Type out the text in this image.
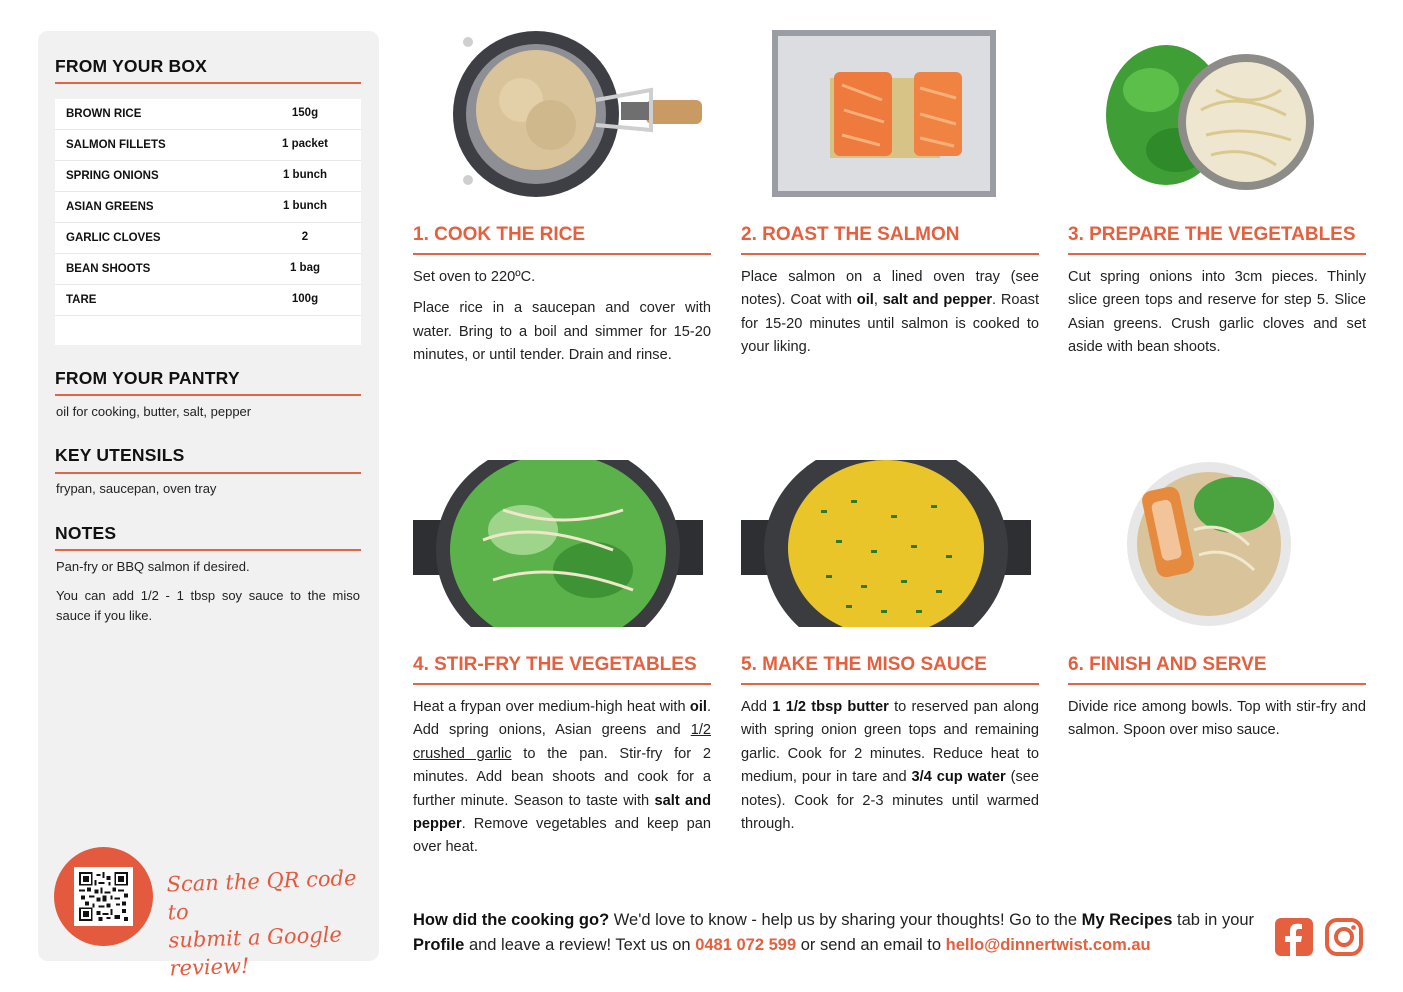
FROM YOUR BOX
BROWN RICE	150g
SALMON FILLETS	1 packet
SPRING ONIONS	1 bunch
ASIAN GREENS	1 bunch
GARLIC CLOVES	2
BEAN SHOOTS	1 bag
TARE	100g
FROM YOUR PANTRY
oil for cooking, butter, salt, pepper
KEY UTENSILS
frypan, saucepan, oven tray
NOTES
Pan-fry or BBQ salmon if desired.
You can add 1/2 - 1 tbsp soy sauce to the miso sauce if you like.
Scan the QR code to
submit a Google review!
1. COOK THE RICE

Set oven to 220ºC.

Place rice in a saucepan and cover with water. Bring to a boil and simmer for 15-20 minutes, or until tender. Drain and rinse.

2. ROAST THE SALMON

Place salmon on a lined oven tray (see notes). Coat with oil, salt and pepper. Roast for 15-20 minutes until salmon is cooked to your liking.

3. PREPARE THE VEGETABLES

Cut spring onions into 3cm pieces. Thinly slice green tops and reserve for step 5. Slice Asian greens. Crush garlic cloves and set aside with bean shoots.

4. STIR-FRY THE VEGETABLES

Heat a frypan over medium-high heat with oil. Add spring onions, Asian greens and 1/2 crushed garlic to the pan. Stir-fry for 2 minutes. Add bean shoots and cook for a further minute. Season to taste with salt and pepper. Remove vegetables and keep pan over heat.

5. MAKE THE MISO SAUCE

Add 1 1/2 tbsp butter to reserved pan along with spring onion green tops and remaining garlic. Cook for 2 minutes. Reduce heat to medium, pour in tare and 3/4 cup water (see notes). Cook for 2-3 minutes until warmed through.

6. FINISH AND SERVE

Divide rice among bowls. Top with stir-fry and salmon. Spoon over miso sauce.

How did the cooking go? We'd love to know - help us by sharing your thoughts! Go to the My Recipes tab in your Profile and leave a review! Text us on 0481 072 599 or send an email to hello@dinnertwist.com.au
